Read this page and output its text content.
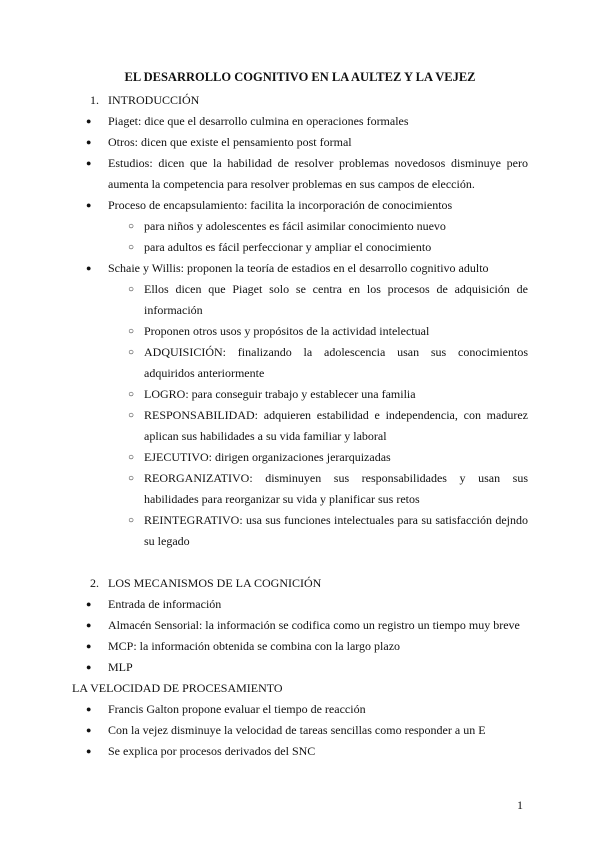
EL DESARROLLO COGNITIVO EN LA AULTEZ Y LA VEJEZ
1. INTRODUCCIÓN
● Piaget: dice que el desarrollo culmina en operaciones formales
● Otros: dicen que existe el pensamiento post formal
● Estudios: dicen que la habilidad de resolver problemas novedosos disminuye pero aumenta la competencia para resolver problemas en sus campos de elección.
● Proceso de encapsulamiento: facilita la incorporación de conocimientos
○ para niños y adolescentes es fácil asimilar conocimiento nuevo
○ para adultos es fácil perfeccionar y ampliar el conocimiento
● Schaie y Willis: proponen la teoría de estadios en el desarrollo cognitivo adulto
○ Ellos dicen que Piaget solo se centra en los procesos de adquisición de información
○ Proponen otros usos y propósitos de la actividad intelectual
○ ADQUISICIÓN: finalizando la adolescencia usan sus conocimientos adquiridos anteriormente
○ LOGRO: para conseguir trabajo y establecer una familia
○ RESPONSABILIDAD: adquieren estabilidad e independencia, con madurez aplican sus habilidades a su vida familiar y laboral
○ EJECUTIVO: dirigen organizaciones jerarquizadas
○ REORGANIZATIVO: disminuyen sus responsabilidades y usan sus habilidades para reorganizar su vida y planificar sus retos
○ REINTEGRATIVO: usa sus funciones intelectuales para su satisfacción dejndo su legado
2. LOS MECANISMOS DE LA COGNICIÓN
● Entrada de información
● Almacén Sensorial: la información se codifica como un registro un tiempo muy breve
● MCP: la información obtenida se combina con la largo plazo
● MLP
LA VELOCIDAD DE PROCESAMIENTO
● Francis Galton propone evaluar el tiempo de reacción
● Con la vejez disminuye la velocidad de tareas sencillas como responder a un E
● Se explica por procesos derivados del SNC
1
